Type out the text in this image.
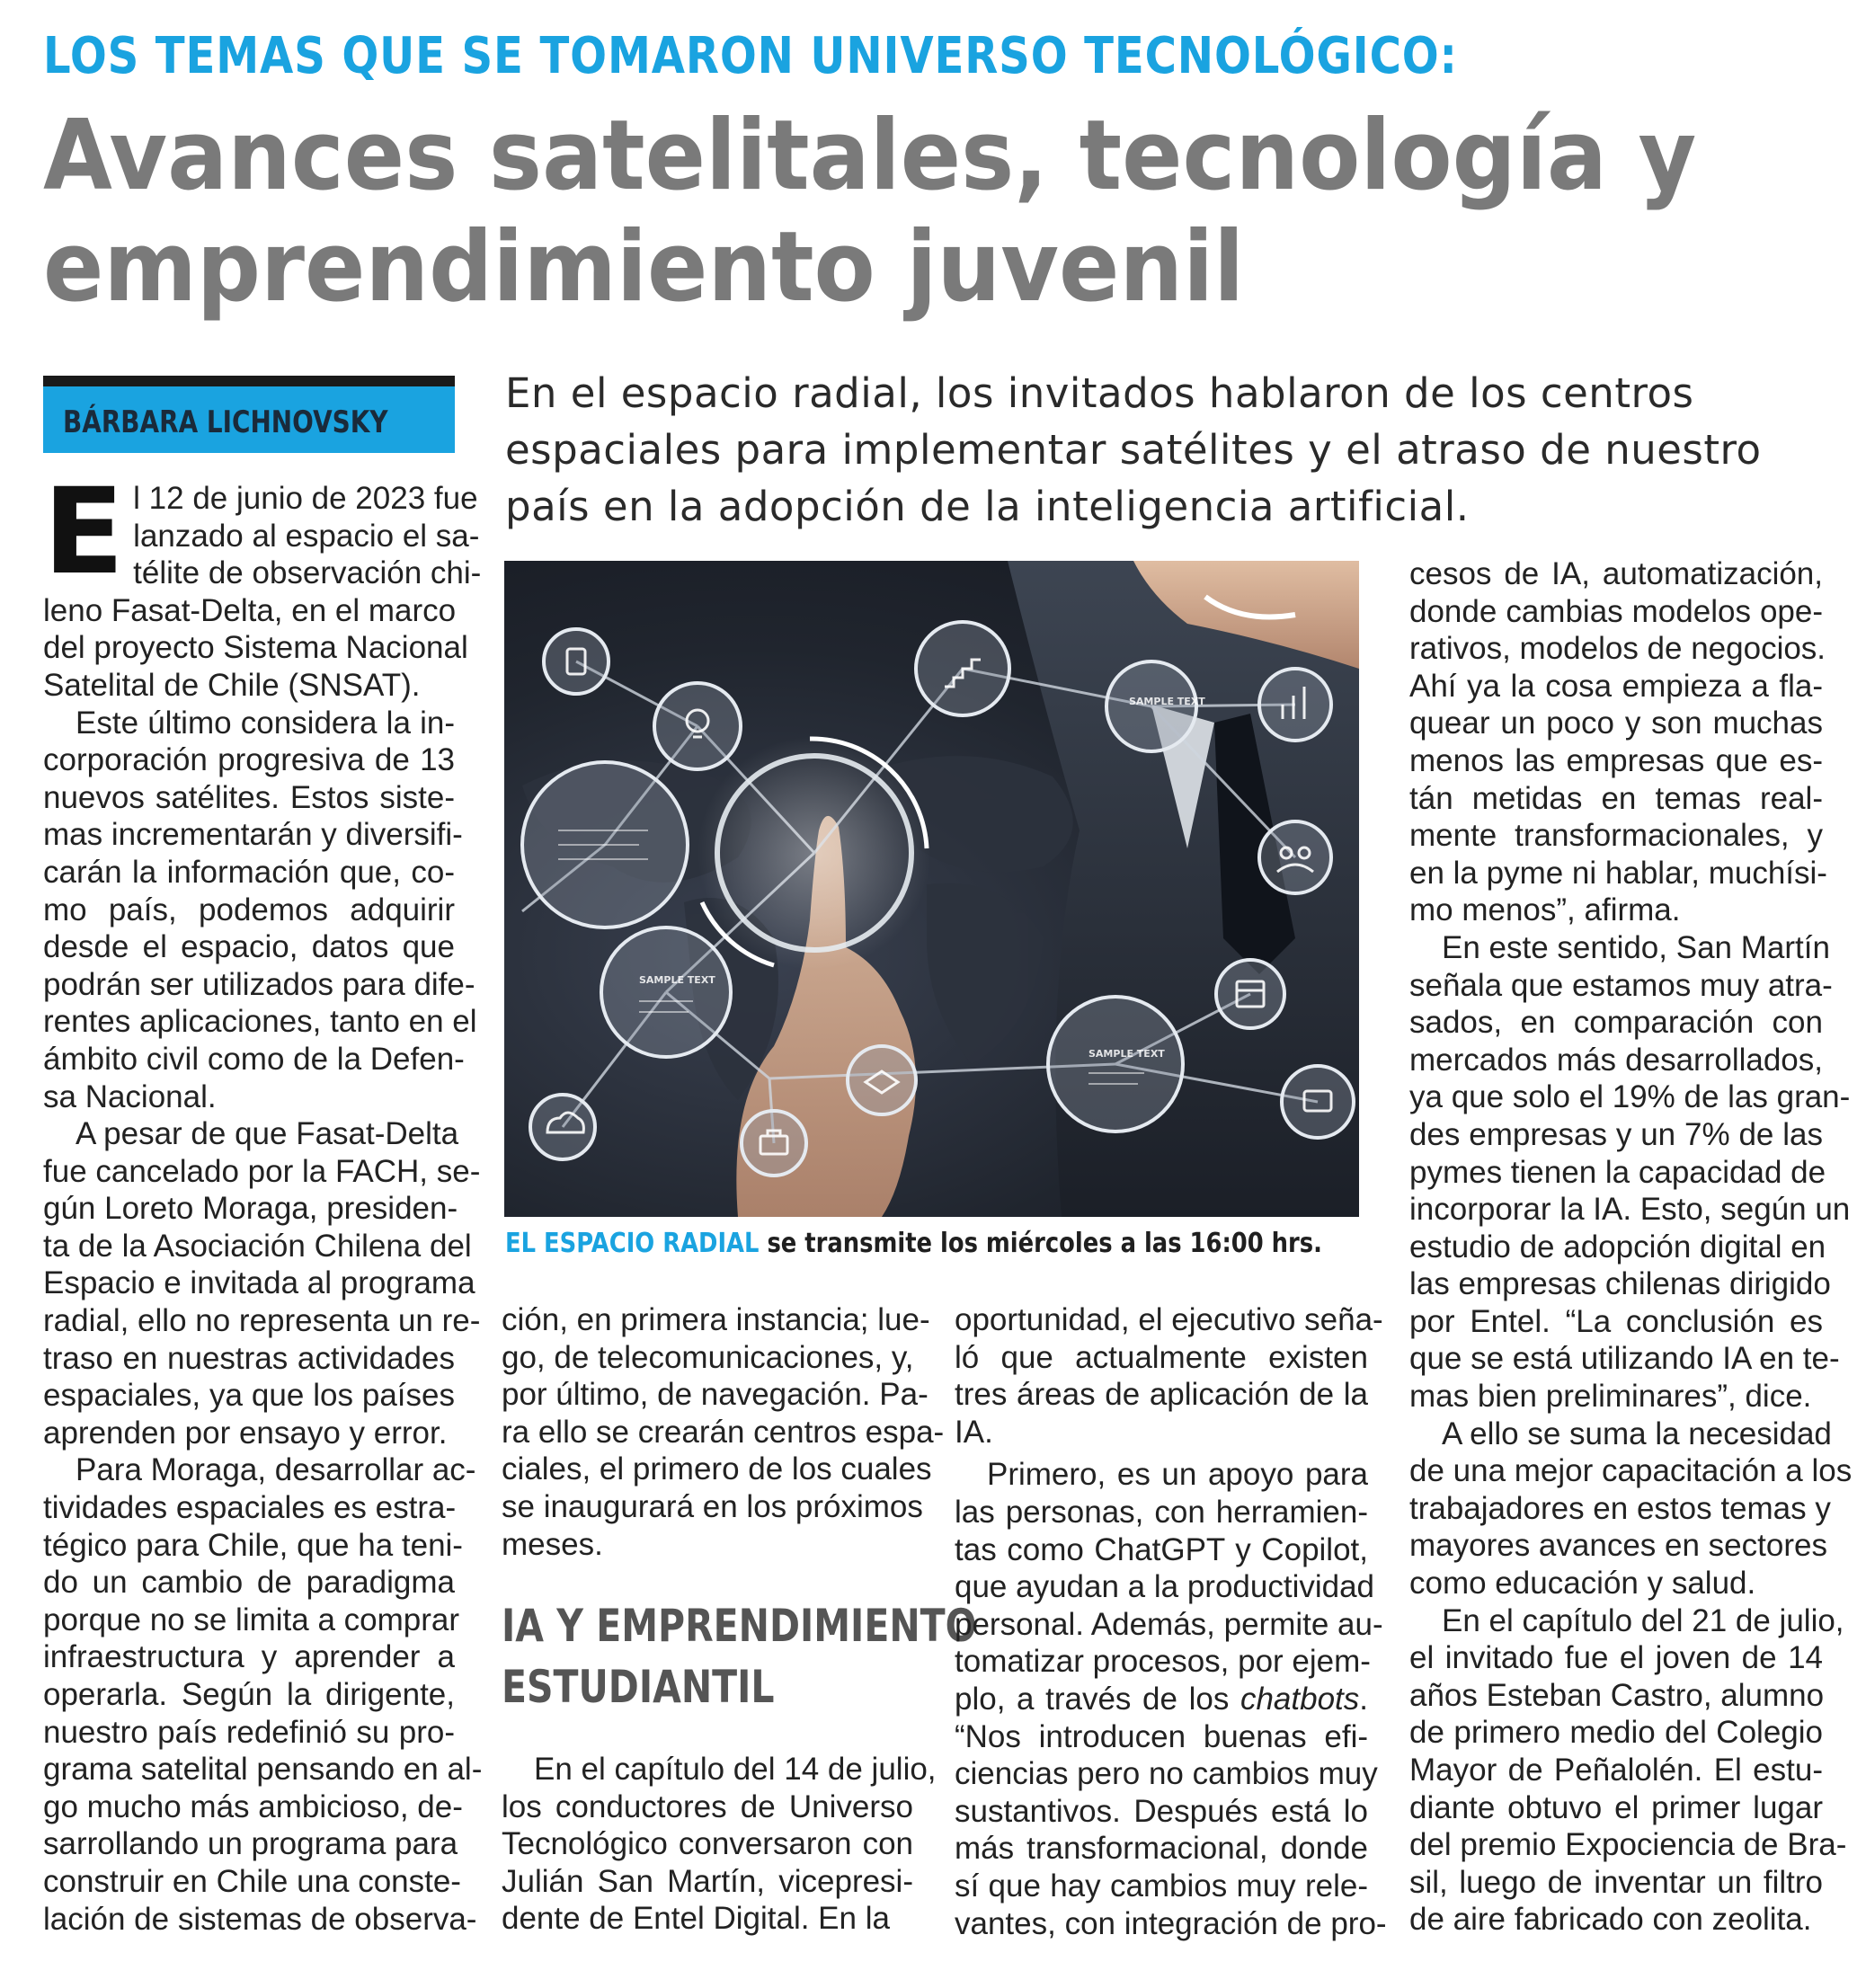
LOS TEMAS QUE SE TOMARON UNIVERSO TECNOLÓGICO:
Avances satelitales, tecnología y
emprendimiento juvenil
BÁRBARA LICHNOVSKY
En el espacio radial, los invitados hablaron de los centros
espaciales para implementar satélites y el atraso de nuestro
país en la adopción de la inteligencia artificial.
E l 12 de junio de 2023 fue
lanzado al espacio el sa-
télite de observación chi-
leno Fasat-Delta, en el marco
del proyecto Sistema Nacional
Satelital de Chile (SNSAT).
Este último considera la in-
corporación progresiva de 13
nuevos satélites. Estos siste-
mas incrementarán y diversifi-
carán la información que, co-
mo país, podemos adquirir
desde el espacio, datos que
podrán ser utilizados para dife-
rentes aplicaciones, tanto en el
ámbito civil como de la Defen-
sa Nacional.
A pesar de que Fasat-Delta
fue cancelado por la FACH, se-
gún Loreto Moraga, presiden-
ta de la Asociación Chilena del
Espacio e invitada al programa
radial, ello no representa un re-
traso en nuestras actividades
espaciales, ya que los países
aprenden por ensayo y error.
Para Moraga, desarrollar ac-
tividades espaciales es estra-
tégico para Chile, que ha teni-
do un cambio de paradigma
porque no se limita a comprar
infraestructura y aprender a
operarla. Según la dirigente,
nuestro país redefinió su pro-
grama satelital pensando en al-
go mucho más ambicioso, de-
sarrollando un programa para
construir en Chile una conste-
lación de sistemas de observa-
SAMPLE TEXT
SAMPLE TEXT
SAMPLE TEXT
EL ESPACIO RADIAL se transmite los miércoles a las 16:00 hrs.
ción, en primera instancia; lue-
go, de telecomunicaciones, y,
por último, de navegación. Pa-
ra ello se crearán centros espa-
ciales, el primero de los cuales
se inaugurará en los próximos
meses.
IA Y EMPRENDIMIENTO
ESTUDIANTIL
En el capítulo del 14 de julio,
los conductores de Universo
Tecnológico conversaron con
Julián San Martín, vicepresi-
dente de Entel Digital. En la
oportunidad, el ejecutivo seña-
ló que actualmente existen
tres áreas de aplicación de la
IA.
Primero, es un apoyo para
las personas, con herramien-
tas como ChatGPT y Copilot,
que ayudan a la productividad
personal. Además, permite au-
tomatizar procesos, por ejem-
plo, a través de los chatbots.
“Nos introducen buenas efi-
ciencias pero no cambios muy
sustantivos. Después está lo
más transformacional, donde
sí que hay cambios muy rele-
vantes, con integración de pro-
cesos de IA, automatización,
donde cambias modelos ope-
rativos, modelos de negocios.
Ahí ya la cosa empieza a fla-
quear un poco y son muchas
menos las empresas que es-
tán metidas en temas real-
mente transformacionales, y
en la pyme ni hablar, muchísi-
mo menos”, afirma.
En este sentido, San Martín
señala que estamos muy atra-
sados, en comparación con
mercados más desarrollados,
ya que solo el 19% de las gran-
des empresas y un 7% de las
pymes tienen la capacidad de
incorporar la IA. Esto, según un
estudio de adopción digital en
las empresas chilenas dirigido
por Entel. “La conclusión es
que se está utilizando IA en te-
mas bien preliminares”, dice.
A ello se suma la necesidad
de una mejor capacitación a los
trabajadores en estos temas y
mayores avances en sectores
como educación y salud.
En el capítulo del 21 de julio,
el invitado fue el joven de 14
años Esteban Castro, alumno
de primero medio del Colegio
Mayor de Peñalolén. El estu-
diante obtuvo el primer lugar
del premio Expociencia de Bra-
sil, luego de inventar un filtro
de aire fabricado con zeolita.
